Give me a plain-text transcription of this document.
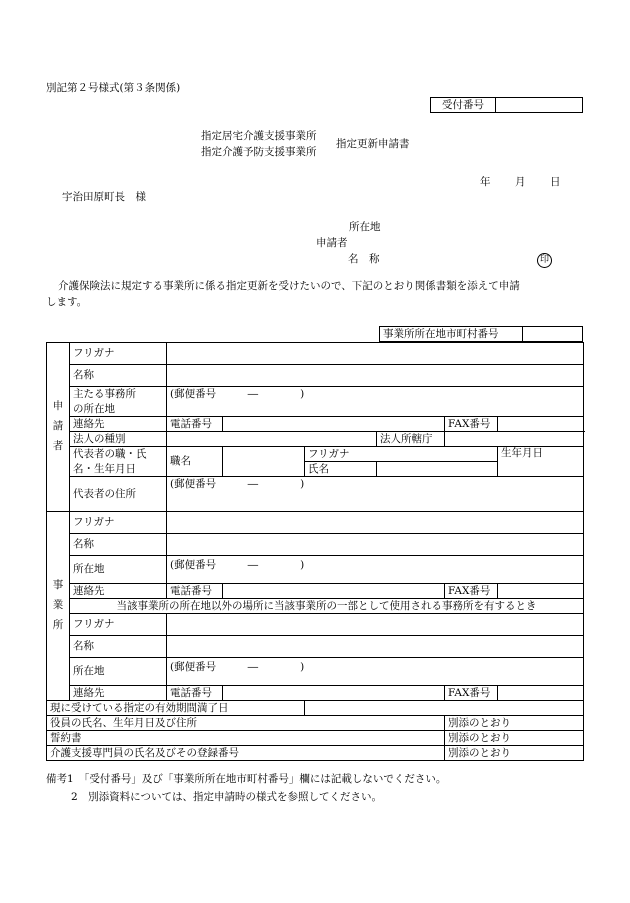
別記第２号様式(第３条関係)
受付番号	
指定居宅介護支援事業所
指定介護予防支援事業所
指定更新申請書
年 月 日
宇治田原町長　様
所在地
申請者
名　称	印
介護保険法に規定する事業所に係る指定更新を受けたいので、下記のとおり関係書類を添えて申請
します。
事業所所在地市町村番号	
申
請
者	フリガナ						
	名称						
	主たる事務所	(郵便番号　　　 ―　　　　 )					
	の所在地						
	連絡先	電話番号				FAX番号	
	法人の種別				法人所轄庁		
	代表者の職・氏	職名		フリガナ			生年月日
	名・生年月日			氏名			
	代表者の住所	(郵便番号　　　 ―　　　　 )					

事
業
所	フリガナ						
	名称						
	所在地	(郵便番号　　　 ―　　　　 )					
	連絡先	電話番号				FAX番号	
	当該事業所の所在地以外の場所に当該事業所の一部として使用される事務所を有するとき						
	フリガナ						
	名称						
	所在地	(郵便番号　　　 ―　　　　 )					
	連絡先	電話番号				FAX番号	
現に受けている指定の有効期間満了日							
役員の氏名、生年月日及び住所						別添のとおり	
誓約書						別添のとおり	
介護支援専門員の氏名及びその登録番号						別添のとおり	
備考1　「受付番号」及び「事業所所在地市町村番号」欄には記載しないでください。
2　別添資料については、指定申請時の様式を参照してください。
